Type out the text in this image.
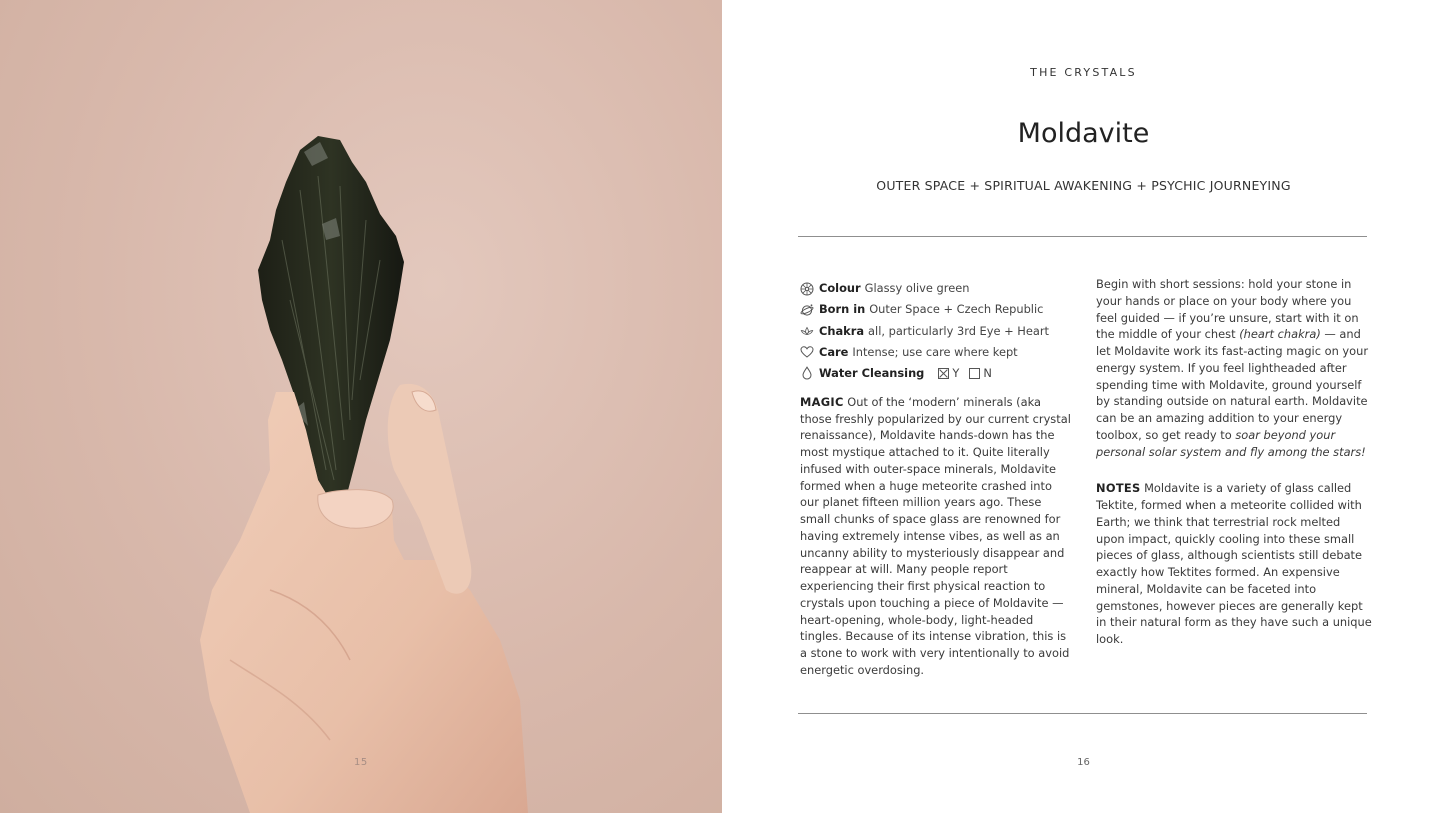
15
THE CRYSTALS
Moldavite
OUTER SPACE + SPIRITUAL AWAKENING + PSYCHIC JOURNEYING
Colour Glassy olive green
Born in Outer Space + Czech Republic
Chakra all, particularly 3rd Eye + Heart
Care Intense; use care where kept
Water Cleansing Y N

MAGIC Out of the ‘modern’ minerals (aka those freshly popularized by our current crystal renaissance), Moldavite hands-down has the most mystique attached to it. Quite literally infused with outer-space minerals, Moldavite formed when a huge meteorite crashed into our planet fifteen million years ago. These small chunks of space glass are renowned for having extremely intense vibes, as well as an uncanny ability to mysteriously disappear and reappear at will. Many people report experiencing their first physical reaction to crystals upon touching a piece of Moldavite — heart-opening, whole-body, light-headed tingles. Because of its intense vibration, this is a stone to work with very intentionally to avoid energetic overdosing.

Begin with short sessions: hold your stone in your hands or place on your body where you feel guided — if you’re unsure, start with it on the middle of your chest (heart chakra) — and let Moldavite work its fast-acting magic on your energy system. If you feel lightheaded after spending time with Moldavite, ground yourself by standing outside on natural earth. Moldavite can be an amazing addition to your energy toolbox, so get ready to soar beyond your personal solar system and fly among the stars!

NOTES Moldavite is a variety of glass called Tektite, formed when a meteorite collided with Earth; we think that terrestrial rock melted upon impact, quickly cooling into these small pieces of glass, although scientists still debate exactly how Tektites formed. An expensive mineral, Moldavite can be faceted into gemstones, however pieces are generally kept in their natural form as they have such a unique look.

16
